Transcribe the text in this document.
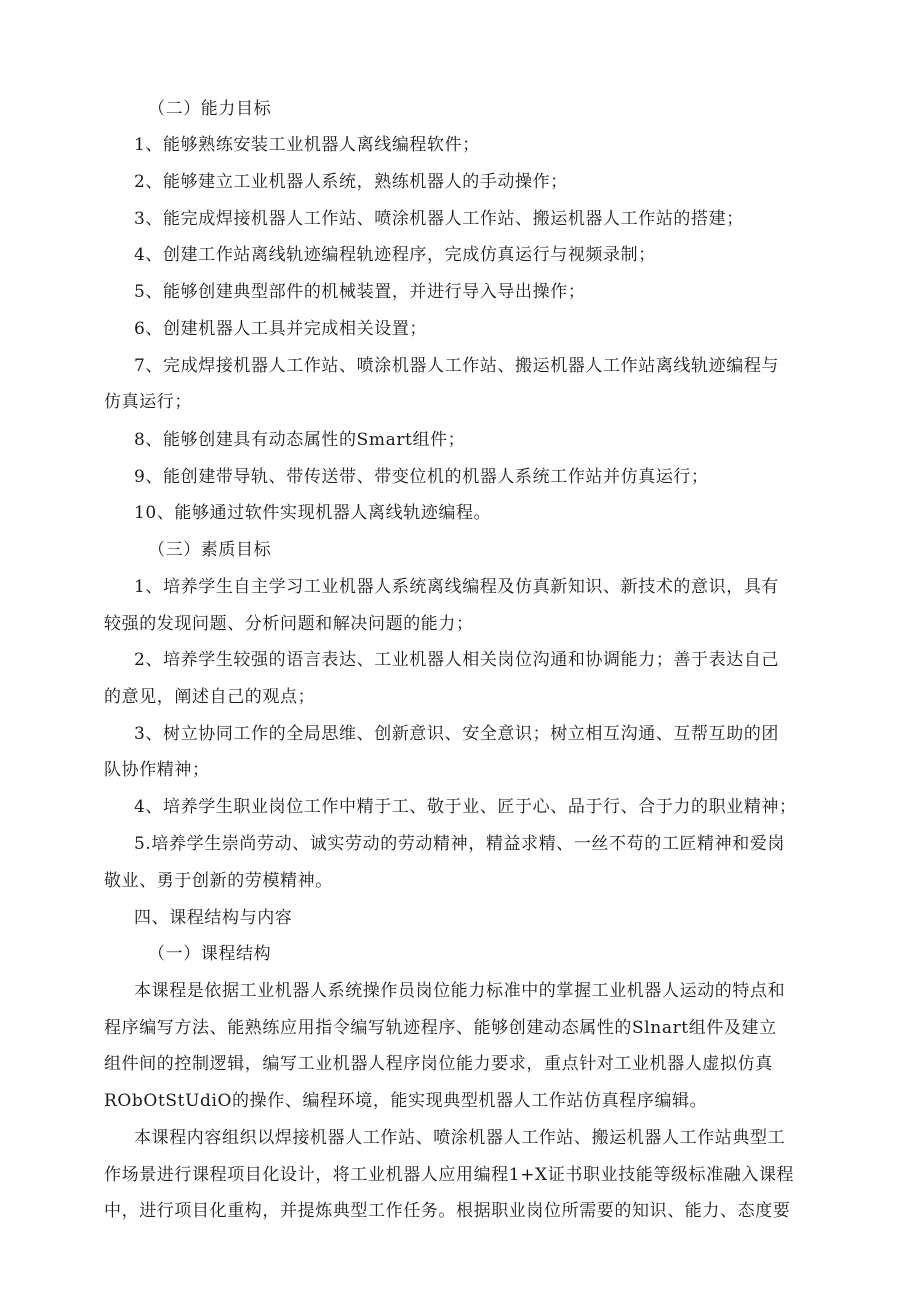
（二）能力目标
1、能够熟练安装工业机器人离线编程软件；
2、能够建立工业机器人系统，熟练机器人的手动操作；
3、能完成焊接机器人工作站、喷涂机器人工作站、搬运机器人工作站的搭建；
4、创建工作站离线轨迹编程轨迹程序，完成仿真运行与视频录制；
5、能够创建典型部件的机械装置，并进行导入导出操作；
6、创建机器人工具并完成相关设置；
7、完成焊接机器人工作站、喷涂机器人工作站、搬运机器人工作站离线轨迹编程与
仿真运行；
8、能够创建具有动态属性的Smart组件；
9、能创建带导轨、带传送带、带变位机的机器人系统工作站并仿真运行；
10、能够通过软件实现机器人离线轨迹编程。
（三）素质目标
1、培养学生自主学习工业机器人系统离线编程及仿真新知识、新技术的意识，具有
较强的发现问题、分析问题和解决问题的能力；
2、培养学生较强的语言表达、工业机器人相关岗位沟通和协调能力；善于表达自己
的意见，阐述自己的观点；
3、树立协同工作的全局思维、创新意识、安全意识；树立相互沟通、互帮互助的团
队协作精神；
4、培养学生职业岗位工作中精于工、敬于业、匠于心、品于行、合于力的职业精神；
5.培养学生崇尚劳动、诚实劳动的劳动精神，精益求精、一丝不苟的工匠精神和爱岗
敬业、勇于创新的劳模精神。
四、课程结构与内容
（一）课程结构
本课程是依据工业机器人系统操作员岗位能力标准中的掌握工业机器人运动的特点和
程序编写方法、能熟练应用指令编写轨迹程序、能够创建动态属性的Slnart组件及建立
组件间的控制逻辑，编写工业机器人程序岗位能力要求，重点针对工业机器人虚拟仿真
RObOtStUdiO的操作、编程环境，能实现典型机器人工作站仿真程序编辑。
本课程内容组织以焊接机器人工作站、喷涂机器人工作站、搬运机器人工作站典型工
作场景进行课程项目化设计，将工业机器人应用编程1+X证书职业技能等级标准融入课程
中，进行项目化重构，并提炼典型工作任务。根据职业岗位所需要的知识、能力、态度要
